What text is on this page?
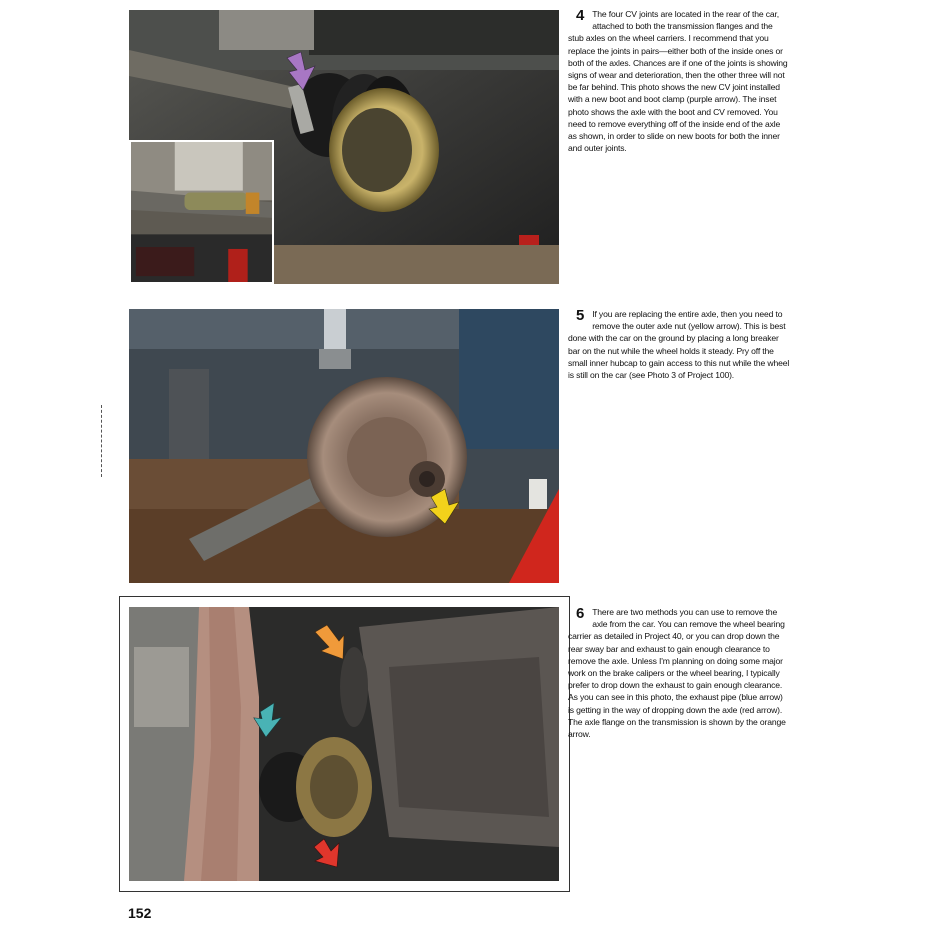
4 The four CV joints are located in the rear of the car, attached to both the transmission flanges and the stub axles on the wheel carriers. I recommend that you replace the joints in pairs—either both of the inside ones or both of the axles. Chances are if one of the joints is showing signs of wear and deterioration, then the other three will not be far behind. This photo shows the new CV joint installed with a new boot and boot clamp (purple arrow). The inset photo shows the axle with the boot and CV removed. You need to remove everything off of the inside end of the axle as shown, in order to slide on new boots for both the inner and outer joints.

5 If you are replacing the entire axle, then you need to remove the outer axle nut (yellow arrow). This is best done with the car on the ground by placing a long breaker bar on the nut while the wheel holds it steady. Pry off the small inner hubcap to gain access to this nut while the wheel is still on the car (see Photo 3 of Project 100).

6 There are two methods you can use to remove the axle from the car. You can remove the wheel bearing carrier as detailed in Project 40, or you can drop down the rear sway bar and exhaust to gain enough clearance to remove the axle. Unless I'm planning on doing some major work on the brake calipers or the wheel bearing, I typically prefer to drop down the exhaust to gain enough clearance. As you can see in this photo, the exhaust pipe (blue arrow) is getting in the way of dropping down the axle (red arrow). The axle flange on the transmission is shown by the orange arrow.

152
